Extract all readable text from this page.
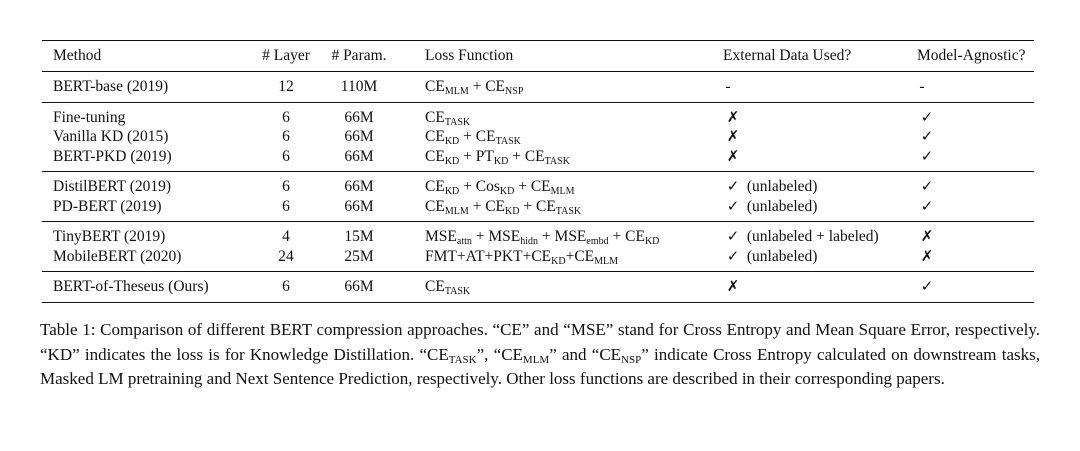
Method	# Layer	# Param.	Loss Function	External Data Used?	Model-Agnostic?
BERT-base (2019)	12	110M	$CE_{MLM} + CE_{NSP}$	-	-
Fine-tuning	6	66M	$CE_{TASK}$	✗	✓
Vanilla KD (2015)	6	66M	$CE_{KD} + CE_{TASK}$	✗	✓
BERT-PKD (2019)	6	66M	$CE_{KD} + PT_{KD} + CE_{TASK}$	✗	✓
DistilBERT (2019)	6	66M	$CE_{KD} + Cos_{KD} + CE_{MLM}$	✓ (unlabeled)	✓
PD-BERT (2019)	6	66M	$CE_{MLM} + CE_{KD} + CE_{TASK}$	✓ (unlabeled)	✓
TinyBERT (2019)	4	15M	$MSE_{attn} + MSE_{hidn} + MSE_{embd} + CE_{KD}$	✓ (unlabeled + labeled)	✗
MobileBERT (2020)	24	25M	$FMT+AT+PKT+CE_{KD}+CE_{MLM}$	✓ (unlabeled)	✗
BERT-of-Theseus (Ours)	6	66M	$CE_{TASK}$	✗	✓
Table 1: Comparison of different BERT compression approaches. “CE” and “MSE” stand for Cross Entropy and Mean Square Error, respectively. “KD” indicates the loss is for Knowledge Distillation. “$CE_{TASK}$”, “$CE_{MLM}$” and “$CE_{NSP}$” indicate Cross Entropy calculated on downstream tasks, Masked LM pretraining and Next Sentence Prediction, respectively. Other loss functions are described in their corresponding papers.
